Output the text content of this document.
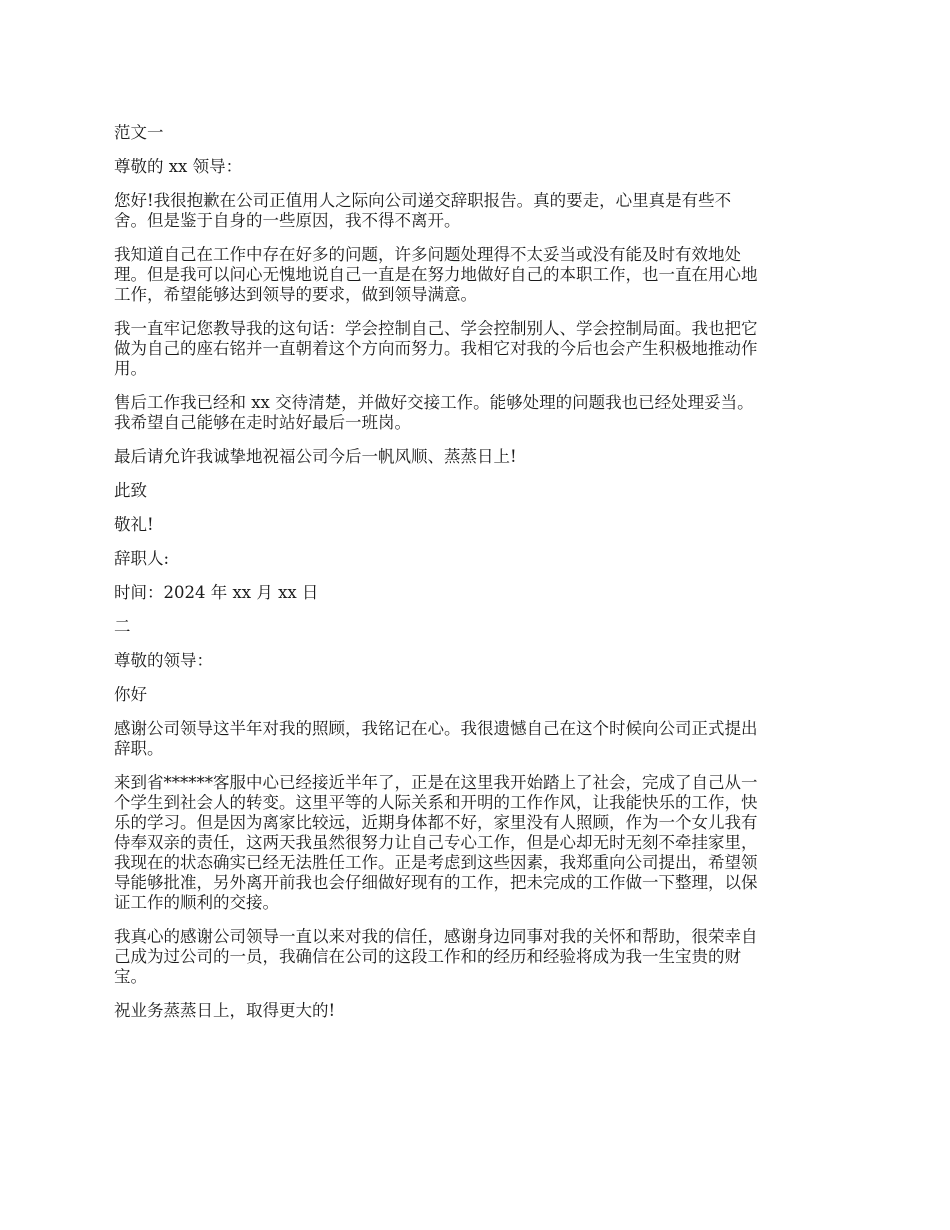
范文一

尊敬的 xx 领导：

您好!我很抱歉在公司正值用人之际向公司递交辞职报告。真的要走，心里真是有些不
舍。但是鉴于自身的一些原因，我不得不离开。

我知道自己在工作中存在好多的问题，许多问题处理得不太妥当或没有能及时有效地处
理。但是我可以问心无愧地说自己一直是在努力地做好自己的本职工作，也一直在用心地
工作，希望能够达到领导的要求，做到领导满意。

我一直牢记您教导我的这句话：学会控制自己、学会控制别人、学会控制局面。我也把它
做为自己的座右铭并一直朝着这个方向而努力。我相它对我的今后也会产生积极地推动作
用。

售后工作我已经和 xx 交待清楚，并做好交接工作。能够处理的问题我也已经处理妥当。
我希望自己能够在走时站好最后一班岗。

最后请允许我诚挚地祝福公司今后一帆风顺、蒸蒸日上!

此致

敬礼!

辞职人:

时间：2024 年 xx 月 xx 日

二

尊敬的领导：

你好

感谢公司领导这半年对我的照顾，我铭记在心。我很遗憾自己在这个时候向公司正式提出
辞职。

来到省******客服中心已经接近半年了，正是在这里我开始踏上了社会，完成了自己从一
个学生到社会人的转变。这里平等的人际关系和开明的工作作风，让我能快乐的工作，快
乐的学习。但是因为离家比较远，近期身体都不好，家里没有人照顾，作为一个女儿我有
侍奉双亲的责任，这两天我虽然很努力让自己专心工作，但是心却无时无刻不牵挂家里，
我现在的状态确实已经无法胜任工作。正是考虑到这些因素，我郑重向公司提出，希望领
导能够批准，另外离开前我也会仔细做好现有的工作，把未完成的工作做一下整理，以保
证工作的顺利的交接。

我真心的感谢公司领导一直以来对我的信任，感谢身边同事对我的关怀和帮助，很荣幸自
己成为过公司的一员，我确信在公司的这段工作和的经历和经验将成为我一生宝贵的财
宝。

祝业务蒸蒸日上，取得更大的!
